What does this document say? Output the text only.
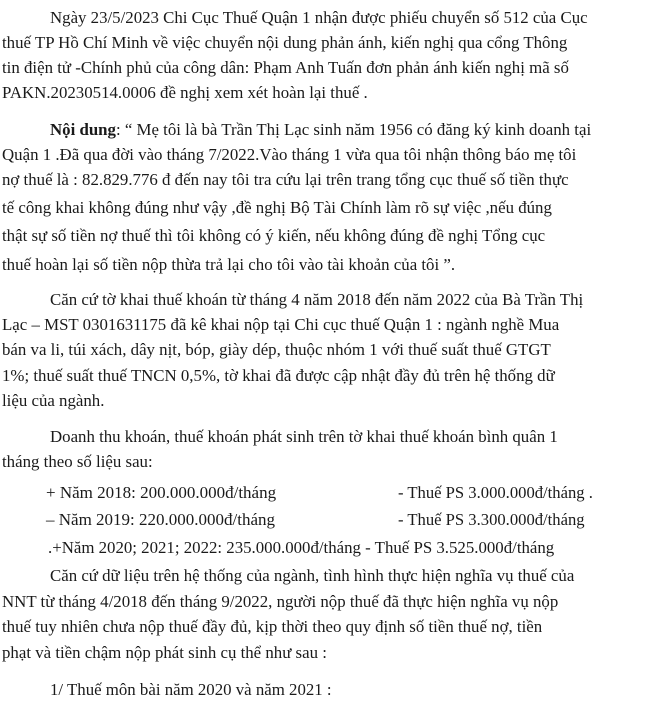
Ngày 23/5/2023 Chi Cục Thuế Quận 1 nhận được phiếu chuyển số 512 của Cục
thuế TP Hồ Chí Minh về việc chuyển nội dung phản ánh, kiến nghị qua cổng Thông
tin điện tử -Chính phủ của công dân: Phạm Anh Tuấn đơn phản ánh kiến nghị mã số
PAKN.20230514.0006 đề nghị xem xét hoàn lại thuế .
Nội dung: “ Mẹ tôi là bà Trần Thị Lạc sinh năm 1956 có đăng ký kinh doanh tại
Quận 1 .Đã qua đời vào tháng 7/2022.Vào tháng 1 vừa qua tôi nhận thông báo mẹ tôi
nợ thuế là : 82.829.776 đ đến nay tôi tra cứu lại trên trang tổng cục thuế số tiền thực
tế công khai không đúng như vậy ,đề nghị Bộ Tài Chính làm rõ sự việc ,nếu đúng
thật sự số tiền nợ thuế thì tôi không có ý kiến, nếu không đúng đề nghị Tổng cục
thuế hoàn lại số tiền nộp thừa trả lại cho tôi vào tài khoản của tôi ”.
Căn cứ tờ khai thuế khoán từ tháng 4 năm 2018 đến năm 2022 của Bà Trần Thị
Lạc – MST 0301631175 đã kê khai nộp tại Chi cục thuế Quận 1 : ngành nghề Mua
bán va li, túi xách, dây nịt, bóp, giày dép, thuộc nhóm 1 với thuế suất thuế GTGT
1%; thuế suất thuế TNCN 0,5%, tờ khai đã được cập nhật đầy đủ trên hệ thống dữ
liệu của ngành.
Doanh thu khoán, thuế khoán phát sinh trên tờ khai thuế khoán bình quân 1
tháng theo số liệu sau:
+ Năm 2018: 200.000.000đ/tháng	- Thuế PS 3.000.000đ/tháng .
– Năm 2019: 220.000.000đ/tháng	- Thuế PS 3.300.000đ/tháng
.+Năm 2020; 2021; 2022: 235.000.000đ/tháng - Thuế PS 3.525.000đ/tháng
Căn cứ dữ liệu trên hệ thống của ngành, tình hình thực hiện nghĩa vụ thuế của
NNT từ tháng 4/2018 đến tháng 9/2022, người nộp thuế đã thực hiện nghĩa vụ nộp
thuế tuy nhiên chưa nộp thuế đầy đủ, kịp thời theo quy định số tiền thuế nợ, tiền
phạt và tiền chậm nộp phát sinh cụ thể như sau :
1/ Thuế môn bài năm 2020 và năm 2021 :
